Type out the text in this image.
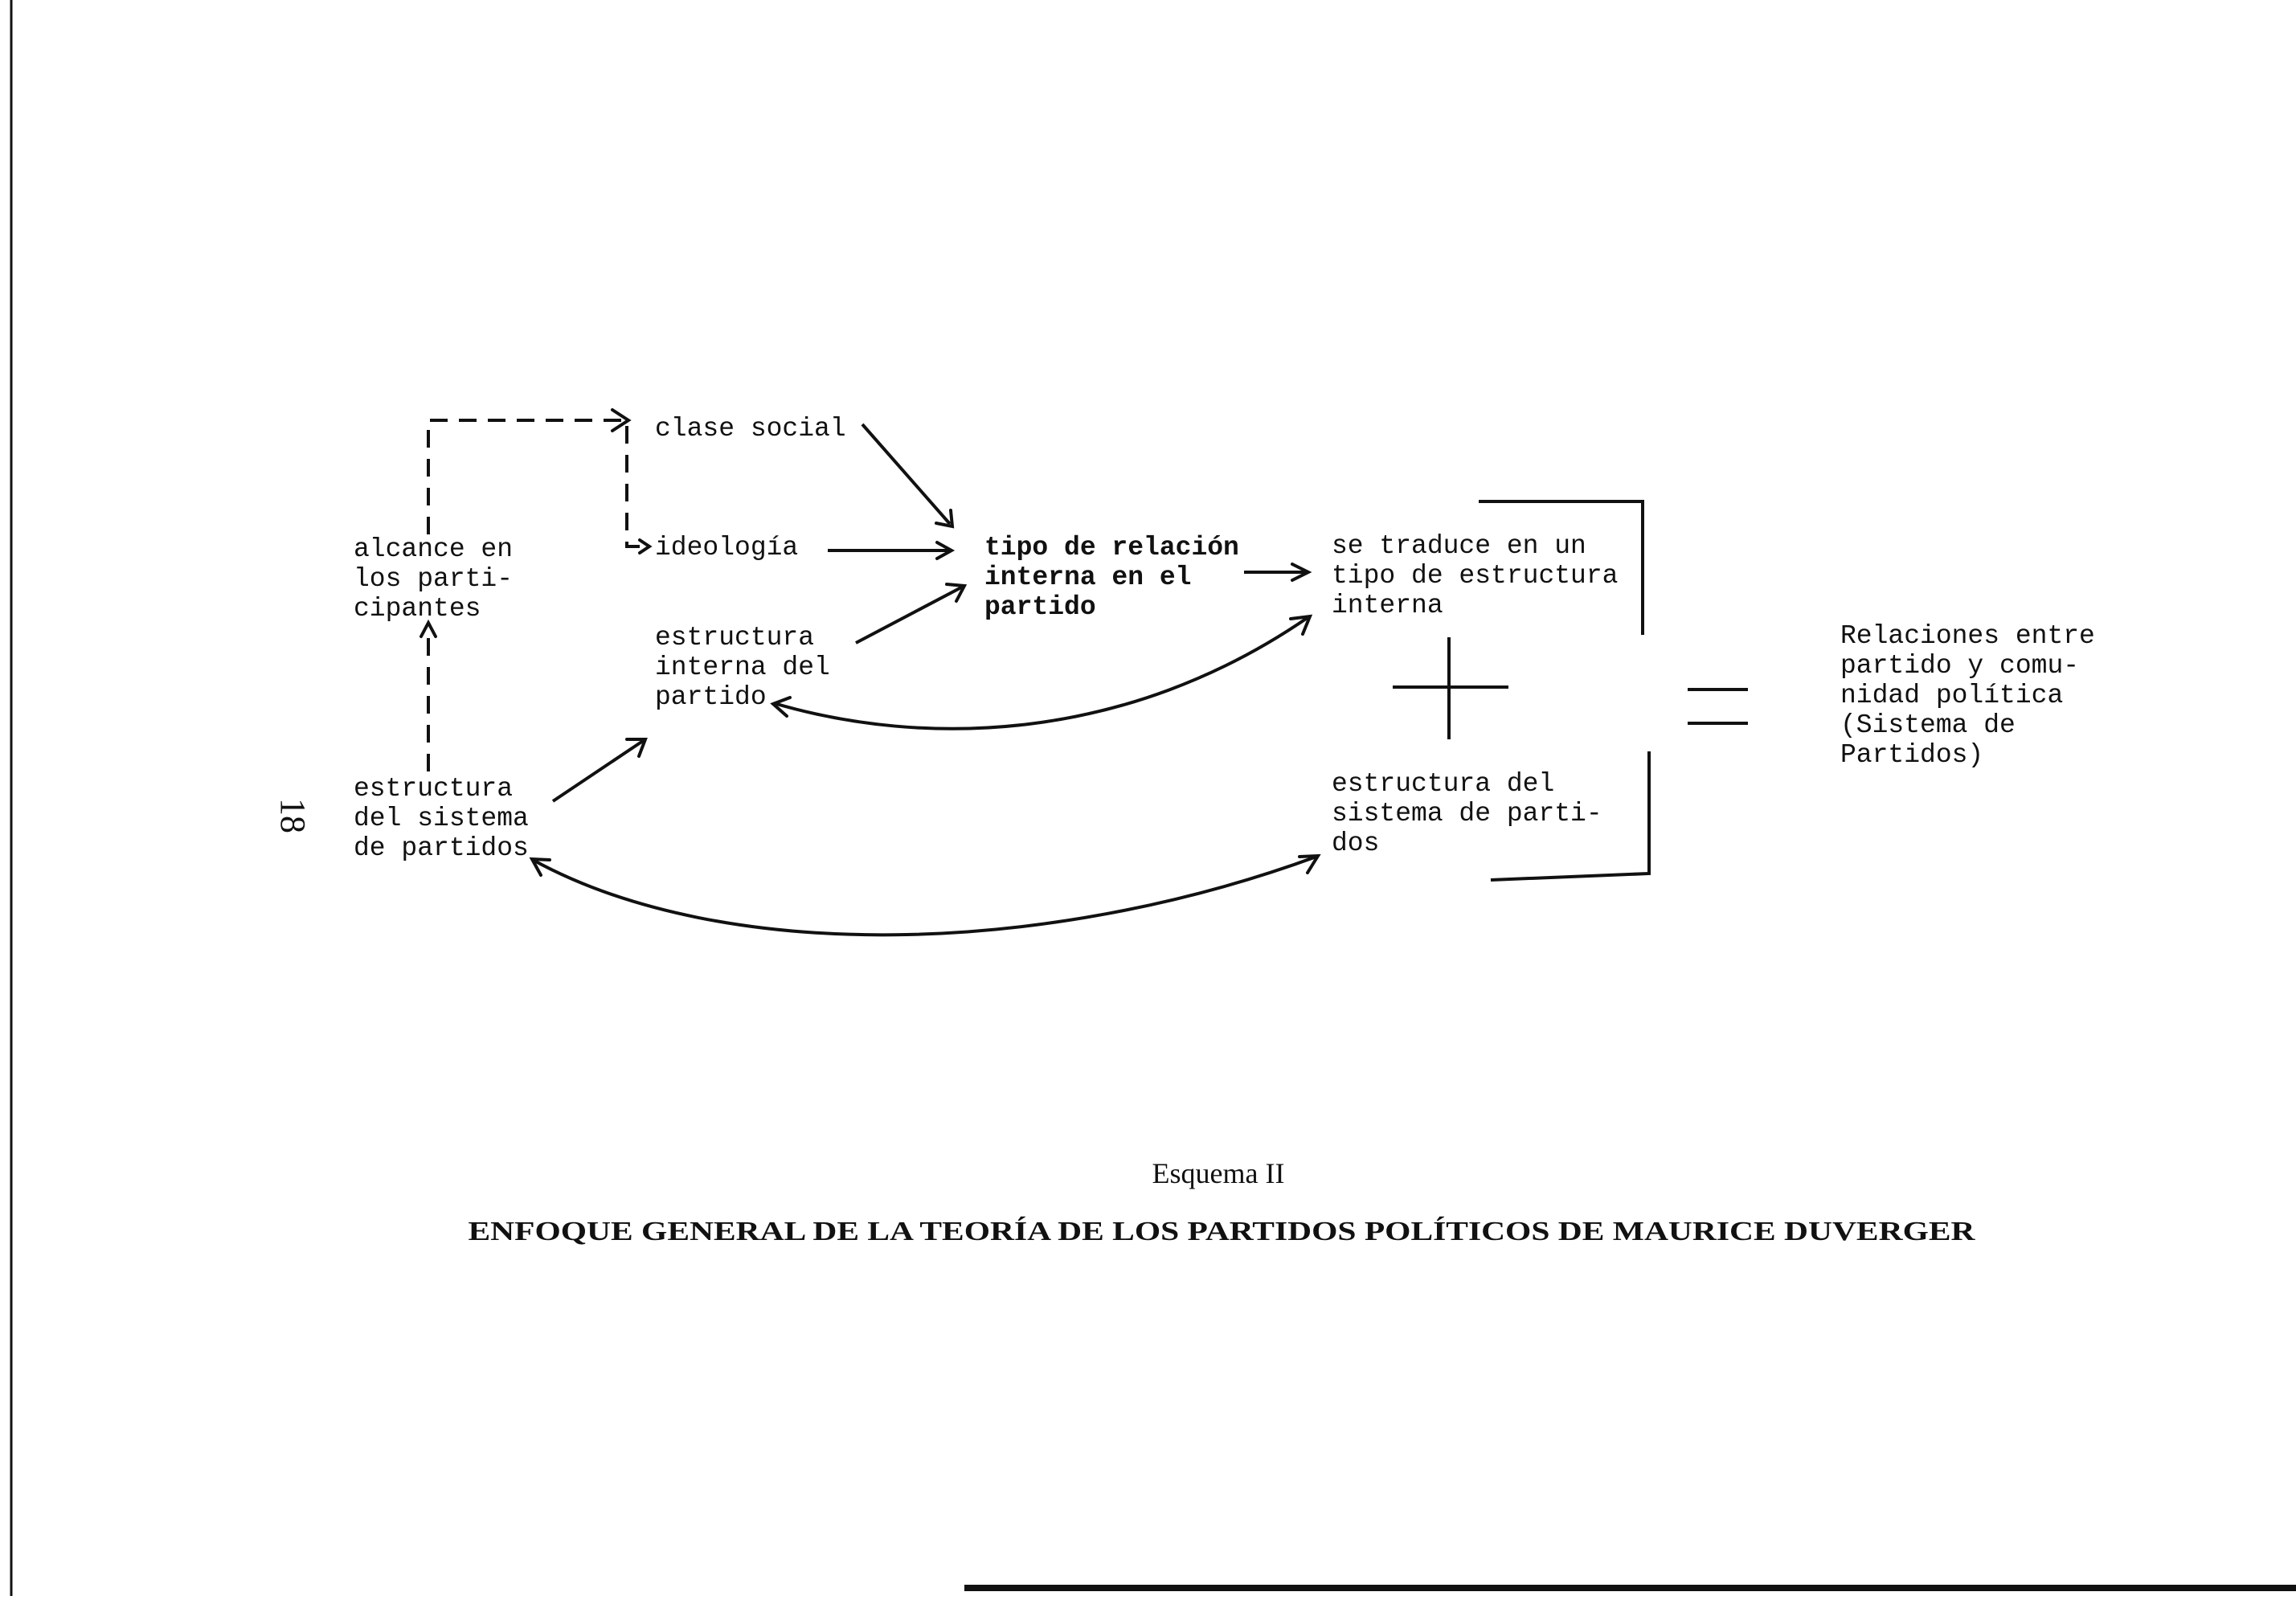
18
alcance en los parti- cipantes
clase social
ideología
estructura interna del partido
estructura del sistema de partidos
tipo de relación interna en el partido
se traduce en un tipo de estructura interna
estructura del sistema de parti- dos
Relaciones entre partido y comu- nidad política (Sistema de Partidos)
Esquema II
ENFOQUE GENERAL DE LA TEORÍA DE LOS PARTIDOS POLÍTICOS DE MAURICE DUVERGER
